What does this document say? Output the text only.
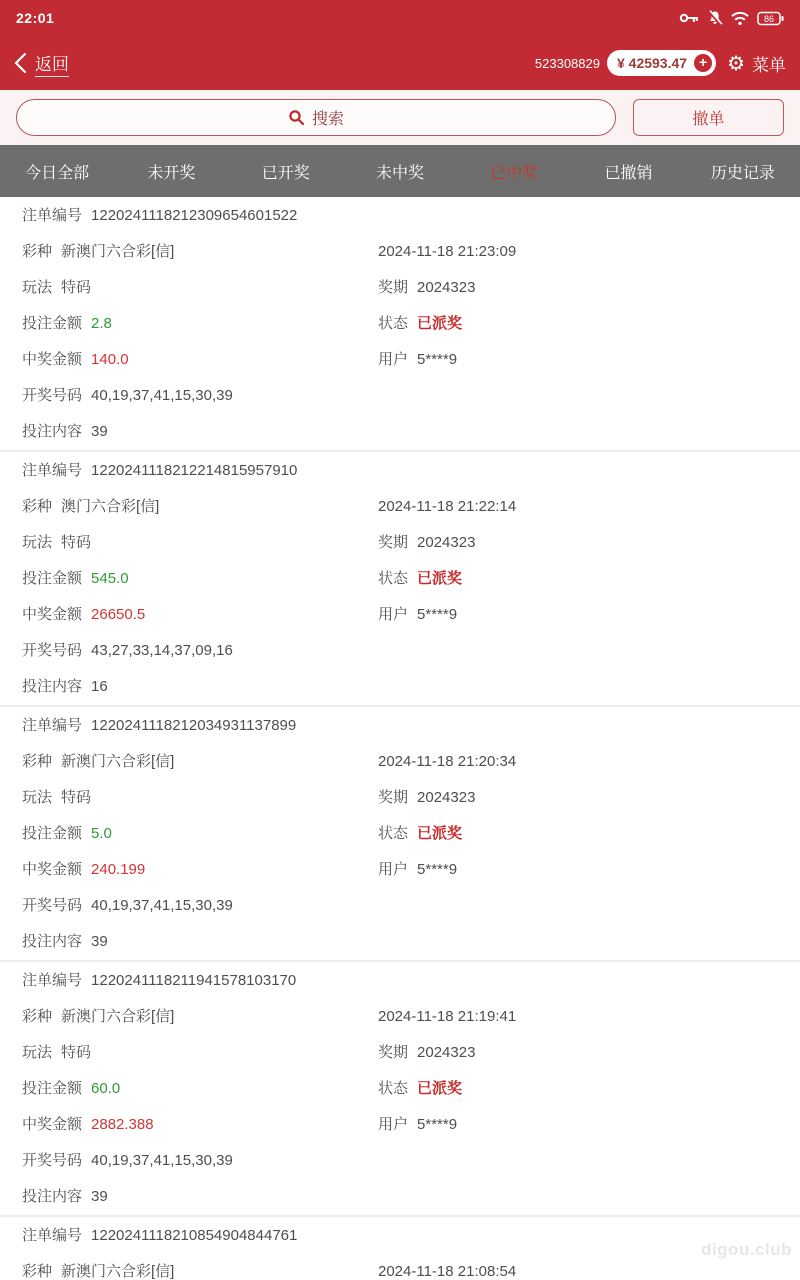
22:01	86
返回	523308829 ¥ 42593.47 + ⚙ 菜单
搜索	撤单
今日全部	未开奖	已开奖	未中奖	已中奖	已撤销	历史记录
注单编号 1220241118212309654601522
彩种 新澳门六合彩[信]	2024-11-18 21:23:09
玩法 特码	奖期 2024323
投注金额 2.8	状态 已派奖
中奖金额 140.0	用户 5****9
开奖号码 40,19,37,41,15,30,39
投注内容 39
注单编号 1220241118212214815957910
彩种 澳门六合彩[信]	2024-11-18 21:22:14
玩法 特码	奖期 2024323
投注金额 545.0	状态 已派奖
中奖金额 26650.5	用户 5****9
开奖号码 43,27,33,14,37,09,16
投注内容 16
注单编号 1220241118212034931137899
彩种 新澳门六合彩[信]	2024-11-18 21:20:34
玩法 特码	奖期 2024323
投注金额 5.0	状态 已派奖
中奖金额 240.199	用户 5****9
开奖号码 40,19,37,41,15,30,39
投注内容 39
注单编号 1220241118211941578103170
彩种 新澳门六合彩[信]	2024-11-18 21:19:41
玩法 特码	奖期 2024323
投注金额 60.0	状态 已派奖
中奖金额 2882.388	用户 5****9
开奖号码 40,19,37,41,15,30,39
投注内容 39
注单编号 1220241118210854904844761
彩种 新澳门六合彩[信]	2024-11-18 21:08:54
digou.club
